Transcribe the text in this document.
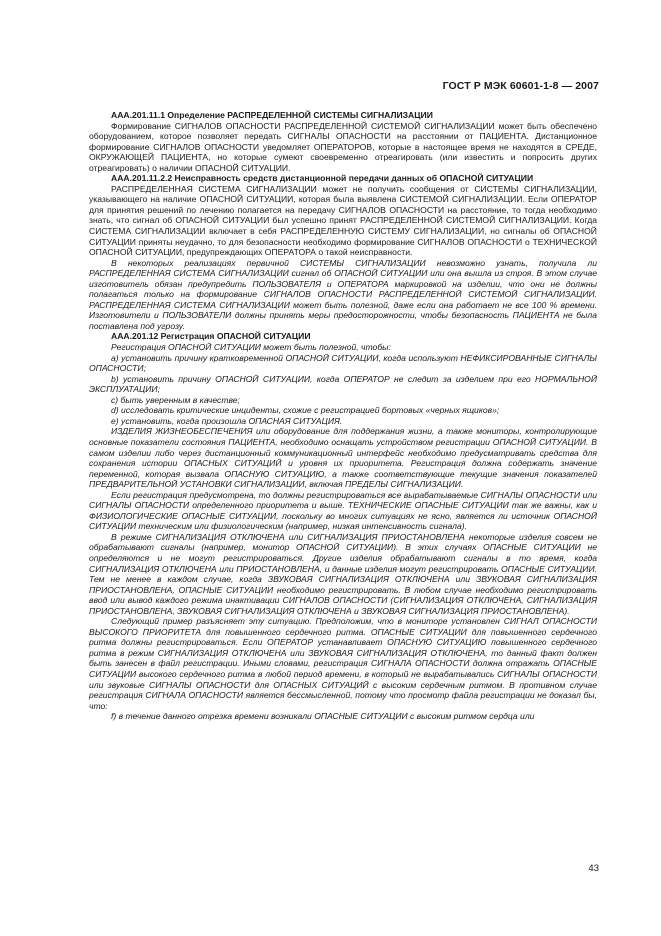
ГОСТ Р МЭК 60601-1-8 — 2007

ААА.201.11.1 Определение РАСПРЕДЕЛЕННОЙ СИСТЕМЫ СИГНАЛИЗАЦИИ

Формирование СИГНАЛОВ ОПАСНОСТИ РАСПРЕДЕЛЕННОЙ СИСТЕМОЙ СИГНАЛИЗАЦИИ может быть обеспечено оборудованием, которое позволяет передать СИГНАЛЫ ОПАСНОСТИ на расстоянии от ПАЦИЕНТА. Дистанционное формирование СИГНАЛОВ ОПАСНОСТИ уведомляет ОПЕРАТОРОВ, которые в настоящее время не находятся в СРЕДЕ, ОКРУЖАЮЩЕЙ ПАЦИЕНТА, но которые сумеют своевременно отреагировать (или известить и попросить других отреагировать) о наличии ОПАСНОЙ СИТУАЦИИ.

ААА.201.11.2.2 Неисправность средств дистанционной передачи данных об ОПАСНОЙ СИТУАЦИИ

РАСПРЕДЕЛЕННАЯ СИСТЕМА СИГНАЛИЗАЦИИ может не получить сообщения от СИСТЕМЫ СИГНАЛИЗАЦИИ, указывающего на наличие ОПАСНОЙ СИТУАЦИИ, которая была выявлена СИСТЕМОЙ СИГНАЛИЗАЦИИ. Если ОПЕРАТОР для принятия решений по лечению полагается на передачу СИГНАЛОВ ОПАСНОСТИ на расстояние, то тогда необходимо знать, что сигнал об ОПАСНОЙ СИТУАЦИИ был успешно принят РАСПРЕДЕЛЕННОЙ СИСТЕМОЙ СИГНАЛИЗАЦИИ. Когда СИСТЕМА СИГНАЛИЗАЦИИ включает в себя РАСПРЕДЕЛЕННУЮ СИСТЕМУ СИГНАЛИЗАЦИИ, но сигналы об ОПАСНОЙ СИТУАЦИИ приняты неудачно, то для безопасности необходимо формирование СИГНАЛОВ ОПАСНОСТИ о ТЕХНИЧЕСКОЙ ОПАСНОЙ СИТУАЦИИ, предупреждающих ОПЕРАТОРА о такой неисправности.

В некоторых реализациях первичной СИСТЕМЫ СИГНАЛИЗАЦИИ невозможно узнать, получила ли РАСПРЕДЕЛЕННАЯ СИСТЕМА СИГНАЛИЗАЦИИ сигнал об ОПАСНОЙ СИТУАЦИИ или она вышла из строя. В этом случае изготовитель обязан предупредить ПОЛЬЗОВАТЕЛЯ и ОПЕРАТОРА маркировкой на изделии, что они не должны полагаться только на формирование СИГНАЛОВ ОПАСНОСТИ РАСПРЕДЕЛЕННОЙ СИСТЕМОЙ СИГНАЛИЗАЦИИ. РАСПРЕДЕЛЕННАЯ СИСТЕМА СИГНАЛИЗАЦИИ может быть полезной, даже если она работает не все 100 % времени. Изготовители и ПОЛЬЗОВАТЕЛИ должны принять меры предосторожности, чтобы безопасность ПАЦИЕНТА не была поставлена под угрозу.

ААА.201.12 Регистрация ОПАСНОЙ СИТУАЦИИ

Регистрация ОПАСНОЙ СИТУАЦИИ может быть полезной, чтобы:

а) установить причину кратковременной ОПАСНОЙ СИТУАЦИИ, когда используют НЕФИКСИРОВАННЫЕ СИГНАЛЫ ОПАСНОСТИ;

b) установить причину ОПАСНОЙ СИТУАЦИИ, когда ОПЕРАТОР не следит за изделием при его НОРМАЛЬНОЙ ЭКСПЛУАТАЦИИ;

с) быть уверенным в качестве;

d) исследовать критические инциденты, схожие с регистрацией бортовых «черных ящиков»;

е) установить, когда произошла ОПАСНАЯ СИТУАЦИЯ.

ИЗДЕЛИЯ ЖИЗНЕОБЕСПЕЧЕНИЯ или оборудование для поддержания жизни, а также мониторы, контролирующие основные показатели состояния ПАЦИЕНТА, необходимо оснащать устройством регистрации ОПАСНОЙ СИТУАЦИИ. В самом изделии либо через дистанционный коммуникационный интерфейс необходимо предусматривать средства для сохранения истории ОПАСНЫХ СИТУАЦИЙ и уровня их приоритета. Регистрация должна содержать значение переменной, которая вызвала ОПАСНУЮ СИТУАЦИЮ, а также соответствующие текущие значения показателей ПРЕДВАРИТЕЛЬНОЙ УСТАНОВКИ СИГНАЛИЗАЦИИ, включая ПРЕДЕЛЫ СИГНАЛИЗАЦИИ.

Если регистрация предусмотрена, то должны регистрироваться все вырабатываемые СИГНАЛЫ ОПАСНОСТИ или СИГНАЛЫ ОПАСНОСТИ определенного приоритета и выше. ТЕХНИЧЕСКИЕ ОПАСНЫЕ СИТУАЦИИ так же важны, как и ФИЗИОЛОГИЧЕСКИЕ ОПАСНЫЕ СИТУАЦИИ, поскольку во многих ситуациях не ясно, является ли источник ОПАСНОЙ СИТУАЦИИ техническим или физиологическим (например, низкая интенсивность сигнала).

В режиме СИГНАЛИЗАЦИЯ ОТКЛЮЧЕНА или СИГНАЛИЗАЦИЯ ПРИОСТАНОВЛЕНА некоторые изделия совсем не обрабатывают сигналы (например, монитор ОПАСНОЙ СИТУАЦИИ). В этих случаях ОПАСНЫЕ СИТУАЦИИ не определяются и не могут регистрироваться. Другие изделия обрабатывают сигналы в то время, когда СИГНАЛИЗАЦИЯ ОТКЛЮЧЕНА или ПРИОСТАНОВЛЕНА, и данные изделия могут регистрировать ОПАСНЫЕ СИТУАЦИИ. Тем не менее в каждом случае, когда ЗВУКОВАЯ СИГНАЛИЗАЦИЯ ОТКЛЮЧЕНА или ЗВУКОВАЯ СИГНАЛИЗАЦИЯ ПРИОСТАНОВЛЕНА, ОПАСНЫЕ СИТУАЦИИ необходимо регистрировать. В любом случае необходимо регистрировать ввод или вывод каждого режима инактивации СИГНАЛОВ ОПАСНОСТИ (СИГНАЛИЗАЦИЯ ОТКЛЮЧЕНА, СИГНАЛИЗАЦИЯ ПРИОСТАНОВЛЕНА, ЗВУКОВАЯ СИГНАЛИЗАЦИЯ ОТКЛЮЧЕНА и ЗВУКОВАЯ СИГНАЛИЗАЦИЯ ПРИОСТАНОВЛЕНА).

Следующий пример разъясняет эту ситуацию. Предположим, что в мониторе установлен СИГНАЛ ОПАСНОСТИ ВЫСОКОГО ПРИОРИТЕТА для повышенного сердечного ритма. ОПАСНЫЕ СИТУАЦИИ для повышенного сердечного ритма должны регистрироваться. Если ОПЕРАТОР устанавливает ОПАСНУЮ СИТУАЦИЮ повышенного сердечного ритма в режим СИГНАЛИЗАЦИЯ ОТКЛЮЧЕНА или ЗВУКОВАЯ СИГНАЛИЗАЦИЯ ОТКЛЮЧЕНА, то данный факт должен быть занесен в файл регистрации. Иными словами, регистрация СИГНАЛА ОПАСНОСТИ должна отражать ОПАСНЫЕ СИТУАЦИИ высокого сердечного ритма в любой период времени, в который не вырабатывались СИГНАЛЫ ОПАСНОСТИ или звуковые СИГНАЛЫ ОПАСНОСТИ для ОПАСНЫХ СИТУАЦИЙ с высоким сердечным ритмом. В противном случае регистрация СИГНАЛА ОПАСНОСТИ является бессмысленной, потому что просмотр файла регистрации не доказал бы, что:

f) в течение данного отрезка времени возникали ОПАСНЫЕ СИТУАЦИИ с высоким ритмом сердца или

43
